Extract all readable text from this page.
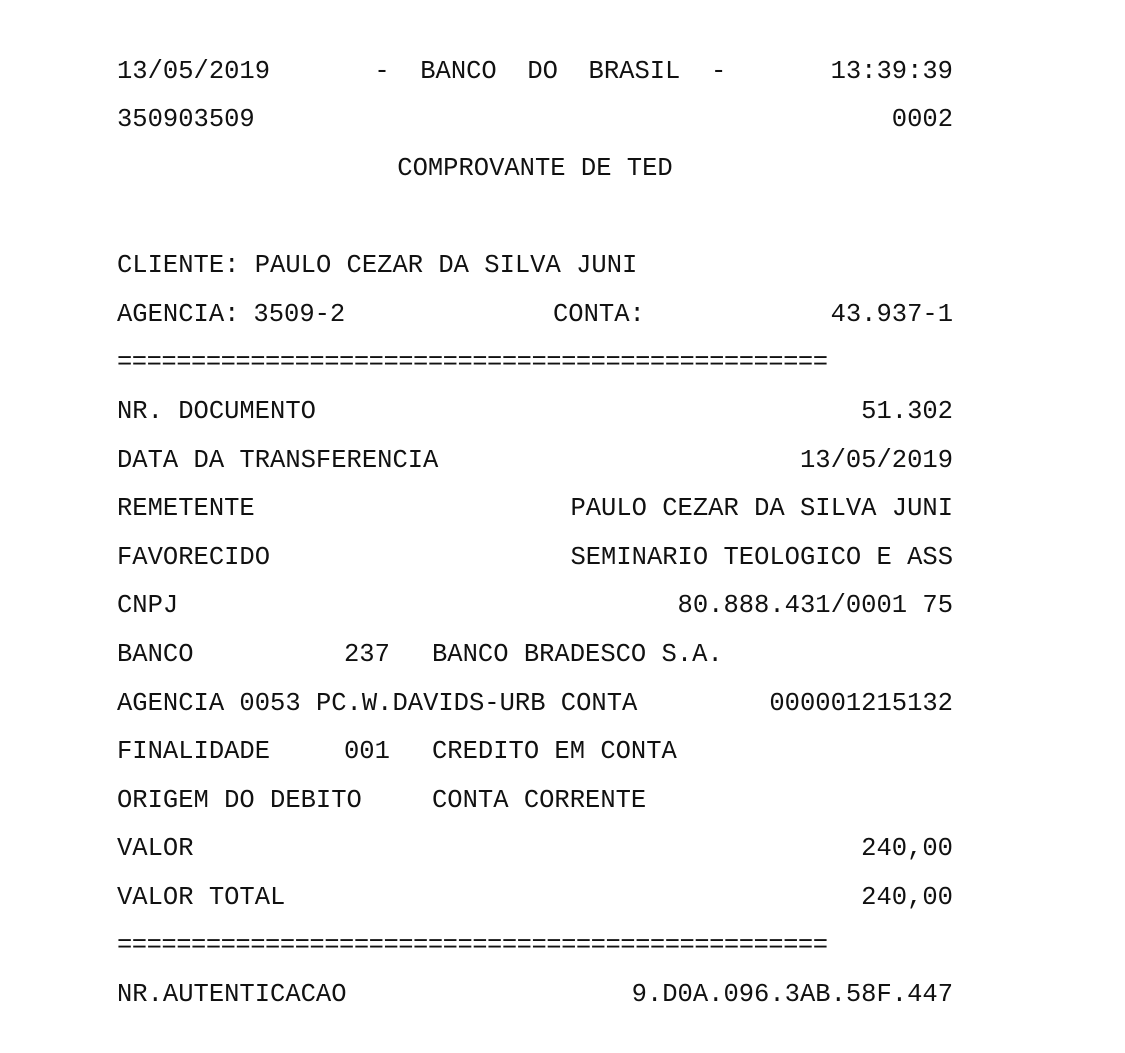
13/05/2019	-  BANCO  DO  BRASIL  -	13:39:39
350903509	0002
COMPROVANTE DE TED
CLIENTE:
PAULO CEZAR DA SILVA JUNI
AGENCIA: 3509-2	CONTA:	43.937-1
================================================
NR. DOCUMENTO	51.302
DATA DA TRANSFERENCIA	13/05/2019
REMETENTE	PAULO CEZAR DA SILVA JUNI
FAVORECIDO	SEMINARIO TEOLOGICO E ASS
CNPJ	80.888.431/0001 75
BANCO	237 BANCO BRADESCO S.A.
AGENCIA 0053 PC.W.DAVIDS-URB CONTA	000001215132
FINALIDADE	001 CREDITO EM CONTA
ORIGEM DO DEBITO	CONTA CORRENTE
VALOR	240,00
VALOR TOTAL	240,00
================================================
NR.AUTENTICACAO	9.D0A.096.3AB.58F.447
